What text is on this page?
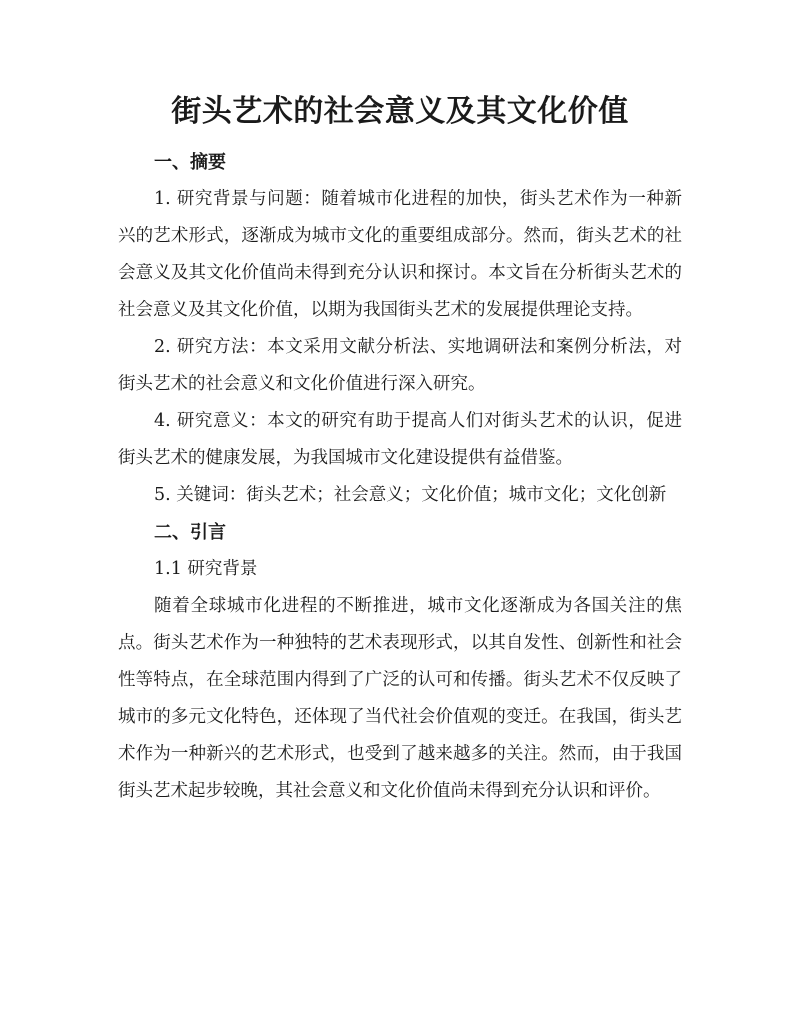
街头艺术的社会意义及其文化价值
一、摘要

1. 研究背景与问题：随着城市化进程的加快，街头艺术作为一种新兴的艺术形式，逐渐成为城市文化的重要组成部分。然而，街头艺术的社会意义及其文化价值尚未得到充分认识和探讨。本文旨在分析街头艺术的社会意义及其文化价值，以期为我国街头艺术的发展提供理论支持。

2. 研究方法：本文采用文献分析法、实地调研法和案例分析法，对街头艺术的社会意义和文化价值进行深入研究。

4. 研究意义：本文的研究有助于提高人们对街头艺术的认识，促进街头艺术的健康发展，为我国城市文化建设提供有益借鉴。

5. 关键词：街头艺术；社会意义；文化价值；城市文化；文化创新

二、引言

1.1 研究背景

随着全球城市化进程的不断推进，城市文化逐渐成为各国关注的焦点。街头艺术作为一种独特的艺术表现形式，以其自发性、创新性和社会性等特点，在全球范围内得到了广泛的认可和传播。街头艺术不仅反映了城市的多元文化特色，还体现了当代社会价值观的变迁。在我国，街头艺术作为一种新兴的艺术形式，也受到了越来越多的关注。然而，由于我国街头艺术起步较晚，其社会意义和文化价值尚未得到充分认识和评价。
